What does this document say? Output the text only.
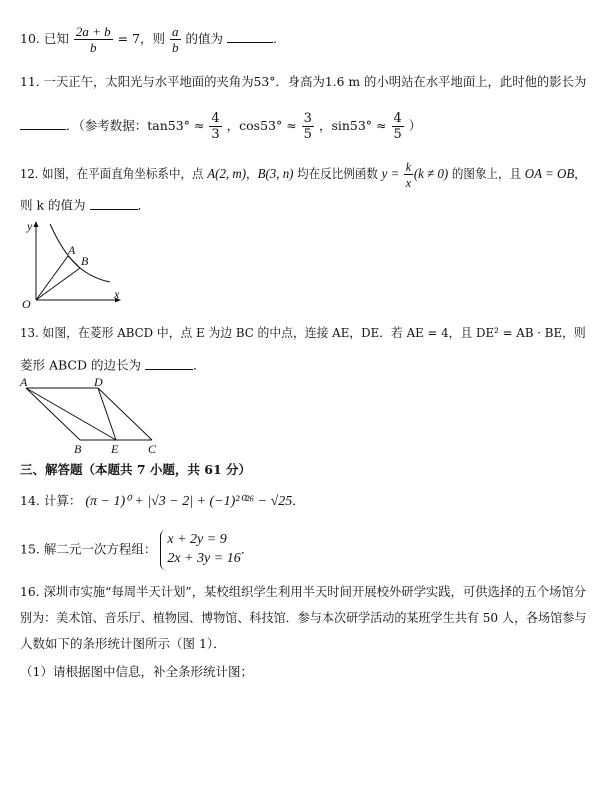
10. 已知 $\frac{2a + b}{b} = 7$，则 $\frac{a}{b}$ 的值为	.
11. 一天正午，太阳光与水平地面的夹角为53°．身高为1.6 m 的小明站在水平地面上，此时他的影长为
．（参考数据：$\tan 53^\circ \approx \frac{4}{3}$ ，$\cos 53^\circ \approx \frac{3}{5}$ ，$\sin 53^\circ \approx \frac{4}{5}$ ）
12. 如图，在平面直角坐标系中，点 A(2, m)，B(3, n) 均在反比例函数 $y = \frac{k}{x} (k \ne 0)$ 的图象上，且 OA = OB，
则 k 的值为	．
y
A
B
O
x
13. 如图，在菱形 ABCD 中，点 E 为边 BC 的中点，连接 AE，DE．若 AE = 4，且 DE² = AB · BE，则
菱形 ABCD 的边长为	．
A	D
B E C
三、解答题（本题共 7 小题，共 61 分）
14. 计算： (π − 1)⁰ + |√3 − 2| + (−1)²⁰²⁶ − √25．
15. 解二元一次方程组：
x + 2y = 9
2x + 3y = 16
．
16. 深圳市实施“每周半天计划”，某校组织学生利用半天时间开展校外研学实践，可供选择的五个场馆分
别为：美术馆、音乐厅、植物园、博物馆、科技馆．参与本次研学活动的某班学生共有 50 人，各场馆参与
人数如下的条形统计图所示（图 1）．
（1）请根据图中信息，补全条形统计图；
